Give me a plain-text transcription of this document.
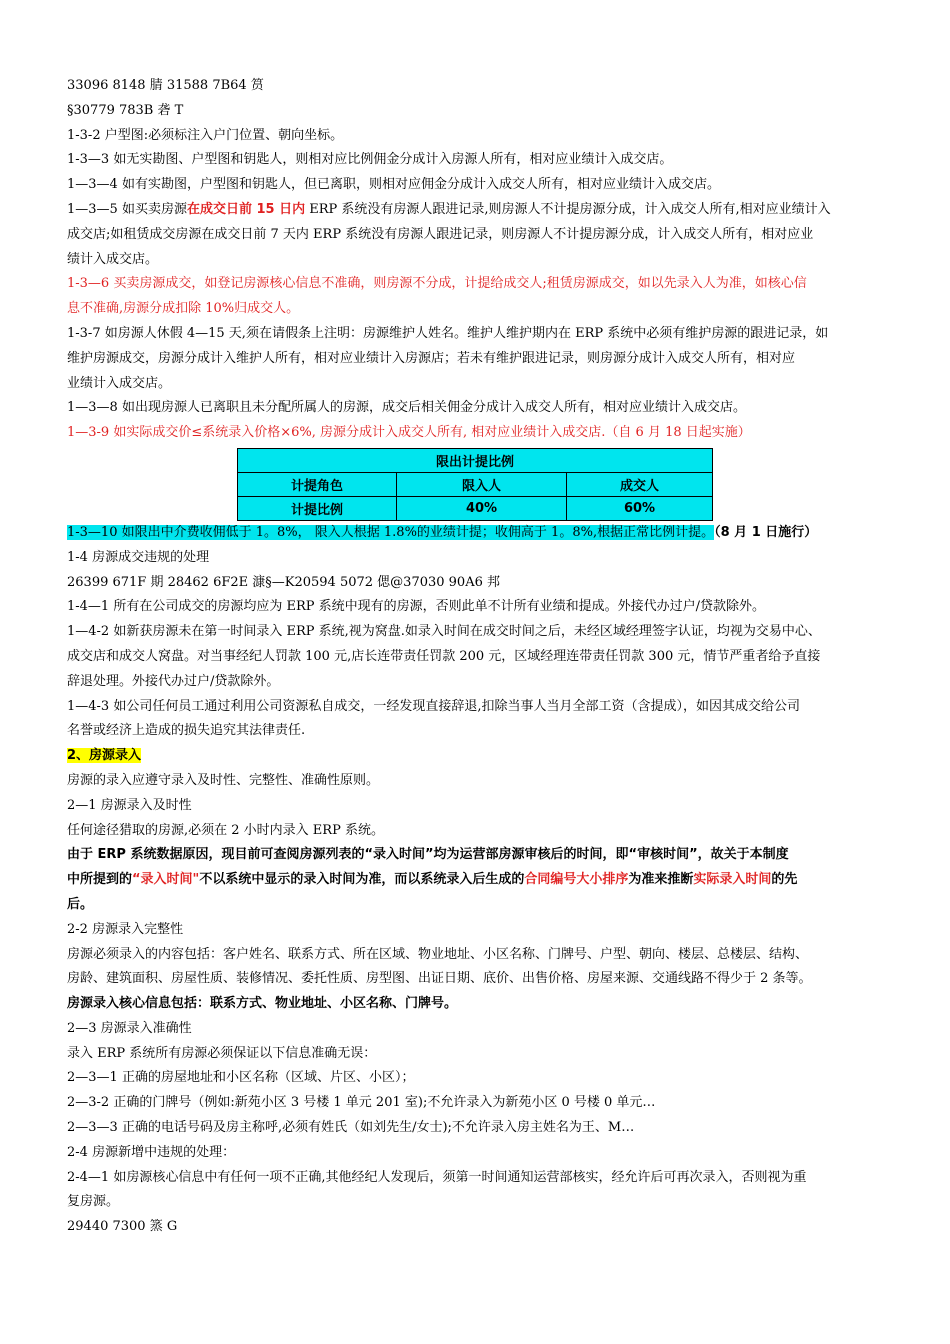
33096 8148 腈 31588 7B64 筼

§30779 783B 砻 T

1-3-2 户型图:必须标注入户门位置、朝向坐标。

1-3—3 如无实勘图、户型图和钥匙人，则相对应比例佣金分成计入房源人所有，相对应业绩计入成交店。

1—3—4 如有实勘图，户型图和钥匙人，但已离职，则相对应佣金分成计入成交人所有，相对应业绩计入成交店。

1—3—5 如买卖房源在成交日前 15 日内 ERP 系统没有房源人跟进记录,则房源人不计提房源分成，计入成交人所有,相对应业绩计入

成交店;如租赁成交房源在成交日前 7 天内 ERP 系统没有房源人跟进记录，则房源人不计提房源分成，计入成交人所有，相对应业

绩计入成交店。

1-3—6 买卖房源成交，如登记房源核心信息不准确，则房源不分成，计提给成交人;租赁房源成交，如以先录入人为准，如核心信

息不准确,房源分成扣除 10%归成交人。

1-3-7 如房源人休假 4—15 天,须在请假条上注明：房源维护人姓名。维护人维护期内在 ERP 系统中必须有维护房源的跟进记录，如

维护房源成交，房源分成计入维护人所有，相对应业绩计入房源店；若未有维护跟进记录，则房源分成计入成交人所有，相对应

业绩计入成交店。

1—3—8 如出现房源人已离职且未分配所属人的房源，成交后相关佣金分成计入成交人所有，相对应业绩计入成交店。

1—3-9 如实际成交价≤系统录入价格×6%, 房源分成计入成交人所有, 相对应业绩计入成交店.（自 6 月 18 日起实施）

限出计提比例		
计提角色	限入人	成交人
计提比例	40%	60%

1-3—10 如限出中介费收佣低于 1。8%， 限入人根据 1.8%的业绩计提；收佣高于 1。8%,根据正常比例计提。（8 月 1 日施行）

1-4 房源成交违规的处理

26399 671F 期 28462 6F2E 漮§—K20594 5072 偲@37030 90A6 邦

1-4—1 所有在公司成交的房源均应为 ERP 系统中现有的房源，否则此单不计所有业绩和提成。外接代办过户/贷款除外。

1—4-2 如新获房源未在第一时间录入 ERP 系统,视为窝盘.如录入时间在成交时间之后，未经区域经理签字认证，均视为交易中心、

成交店和成交人窝盘。对当事经纪人罚款 100 元,店长连带责任罚款 200 元，区域经理连带责任罚款 300 元，情节严重者给予直接

辞退处理。外接代办过户/贷款除外。

1—4-3 如公司任何员工通过利用公司资源私自成交，一经发现直接辞退,扣除当事人当月全部工资（含提成），如因其成交给公司

名誉或经济上造成的损失追究其法律责任.

2、房源录入

房源的录入应遵守录入及时性、完整性、准确性原则。

2—1 房源录入及时性

任何途径猎取的房源,必须在 2 小时内录入 ERP 系统。

由于 ERP 系统数据原因，现目前可查阅房源列表的“录入时间”均为运营部房源审核后的时间，即“审核时间”，故关于本制度

中所提到的“录入时间"不以系统中显示的录入时间为准，而以系统录入后生成的合同编号大小排序为准来推断实际录入时间的先

后。

2-2 房源录入完整性

房源必须录入的内容包括：客户姓名、联系方式、所在区域、物业地址、小区名称、门牌号、户型、朝向、楼层、总楼层、结构、

房龄、建筑面积、房屋性质、装修情况、委托性质、房型图、出证日期、底价、出售价格、房屋来源、交通线路不得少于 2 条等。

房源录入核心信息包括：联系方式、物业地址、小区名称、门牌号。

2—3 房源录入准确性

录入 ERP 系统所有房源必须保证以下信息准确无误：

2—3—1 正确的房屋地址和小区名称（区域、片区、小区）；

2—3-2 正确的门牌号（例如:新苑小区 3 号楼 1 单元 201 室);不允许录入为新苑小区 0 号楼 0 单元…

2—3—3 正确的电话号码及房主称呼,必须有姓氏（如刘先生/女士);不允许录入房主姓名为王、M…

2-4 房源新增中违规的处理：

2-4—1 如房源核心信息中有任何一项不正确,其他经纪人发现后，须第一时间通知运营部核实，经允许后可再次录入，否则视为重

复房源。

29440 7300 篜 G
